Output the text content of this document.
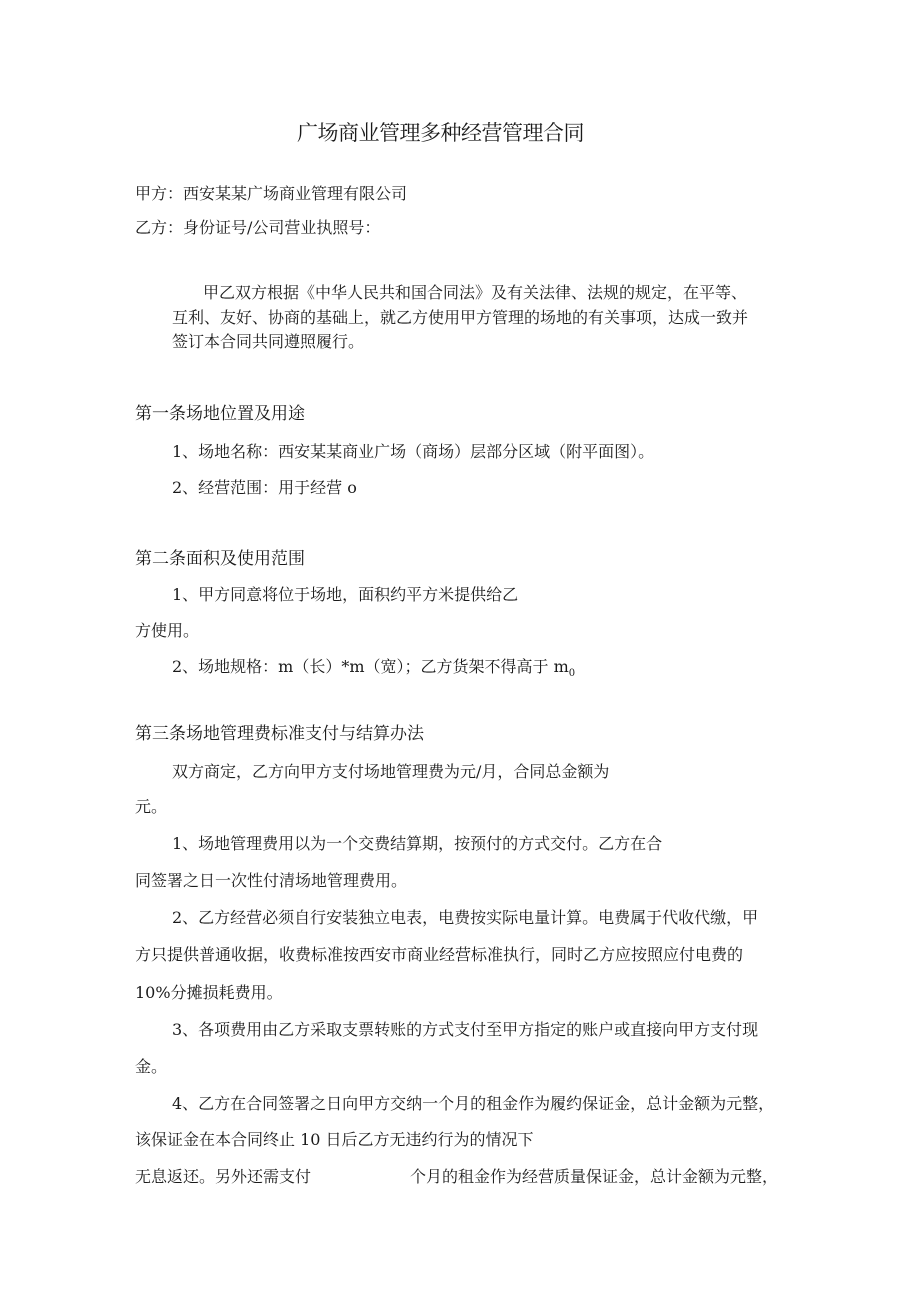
广场商业管理多种经营管理合同
甲方：西安某某广场商业管理有限公司
乙方：身份证号/公司营业执照号：
甲乙双方根据《中华人民共和国合同法》及有关法律、法规的规定，在平等、
互利、友好、协商的基础上，就乙方使用甲方管理的场地的有关事项，达成一致并
签订本合同共同遵照履行。
第一条场地位置及用途
1、场地名称：西安某某商业广场（商场）层部分区域（附平面图）。
2、经营范围：用于经营 o
第二条面积及使用范围
1、甲方同意将位于场地，面积约平方米提供给乙
方使用。
2、场地规格：m（长）*m（宽）；乙方货架不得高于 $m_0$
第三条场地管理费标准支付与结算办法
双方商定，乙方向甲方支付场地管理费为元/月，合同总金额为
元。
1、场地管理费用以为一个交费结算期，按预付的方式交付。乙方在合
同签署之日一次性付清场地管理费用。
2、乙方经营必须自行安装独立电表，电费按实际电量计算。电费属于代收代缴，甲
方只提供普通收据，收费标准按西安市商业经营标准执行，同时乙方应按照应付电费的
10%分摊损耗费用。
3、各项费用由乙方采取支票转账的方式支付至甲方指定的账户或直接向甲方支付现
金。
4、乙方在合同签署之日向甲方交纳一个月的租金作为履约保证金，总计金额为元整，
该保证金在本合同终止 10 日后乙方无违约行为的情况下
无息返还。另外还需支付	个月的租金作为经营质量保证金，总计金额为元整，
